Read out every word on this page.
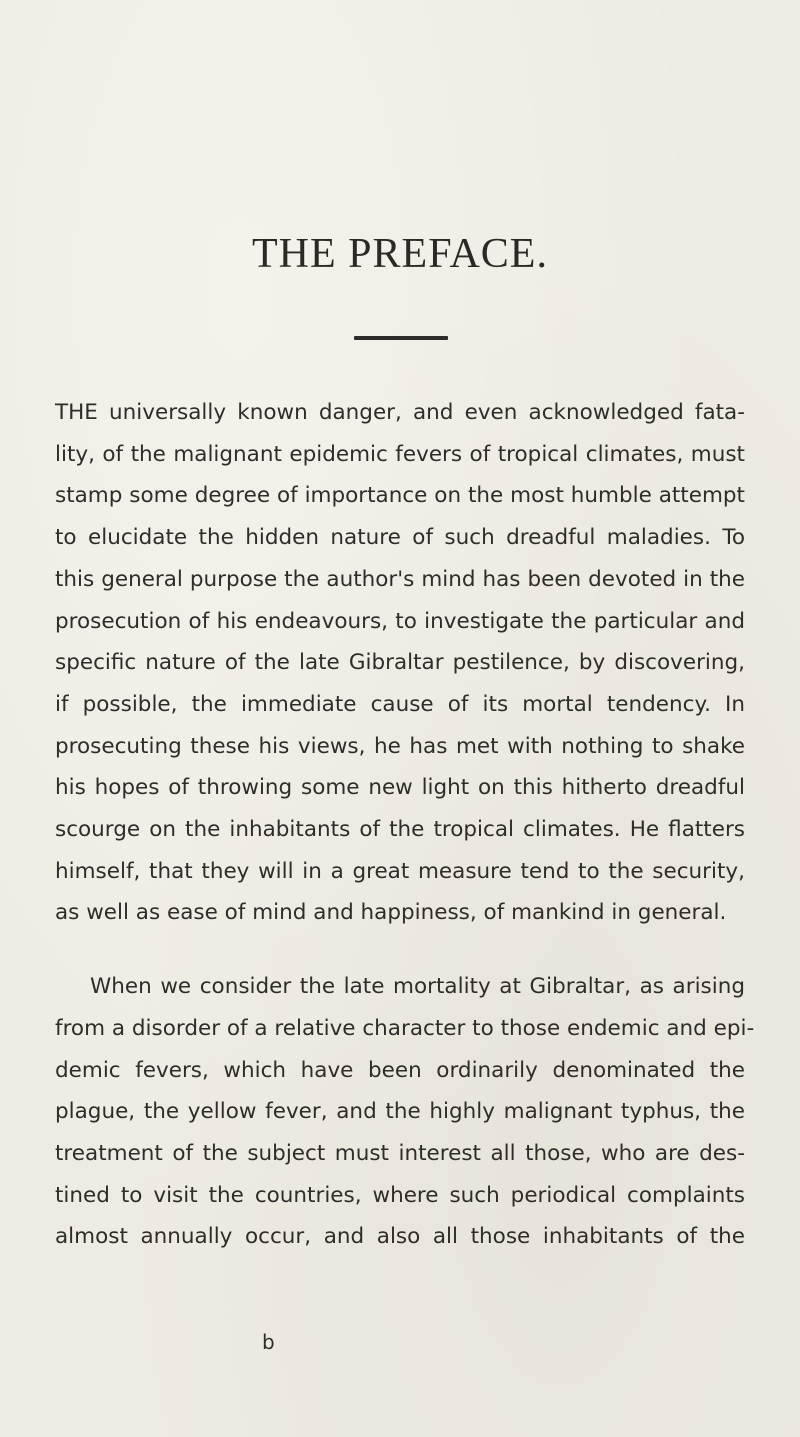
THE PREFACE.
THE universally known danger, and even acknowledged fata-
lity, of the malignant epidemic fevers of tropical climates, must
stamp some degree of importance on the most humble attempt
to elucidate the hidden nature of such dreadful maladies. To
this general purpose the author's mind has been devoted in the
prosecution of his endeavours, to investigate the particular and
specific nature of the late Gibraltar pestilence, by discovering,
if possible, the immediate cause of its mortal tendency. In
prosecuting these his views, he has met with nothing to shake
his hopes of throwing some new light on this hitherto dreadful
scourge on the inhabitants of the tropical climates. He flatters
himself, that they will in a great measure tend to the security,
as well as ease of mind and happiness, of mankind in general.
When we consider the late mortality at Gibraltar, as arising
from a disorder of a relative character to those endemic and epi-
demic fevers, which have been ordinarily denominated the
plague, the yellow fever, and the highly malignant typhus, the
treatment of the subject must interest all those, who are des-
tined to visit the countries, where such periodical complaints
almost annually occur, and also all those inhabitants of the
b
